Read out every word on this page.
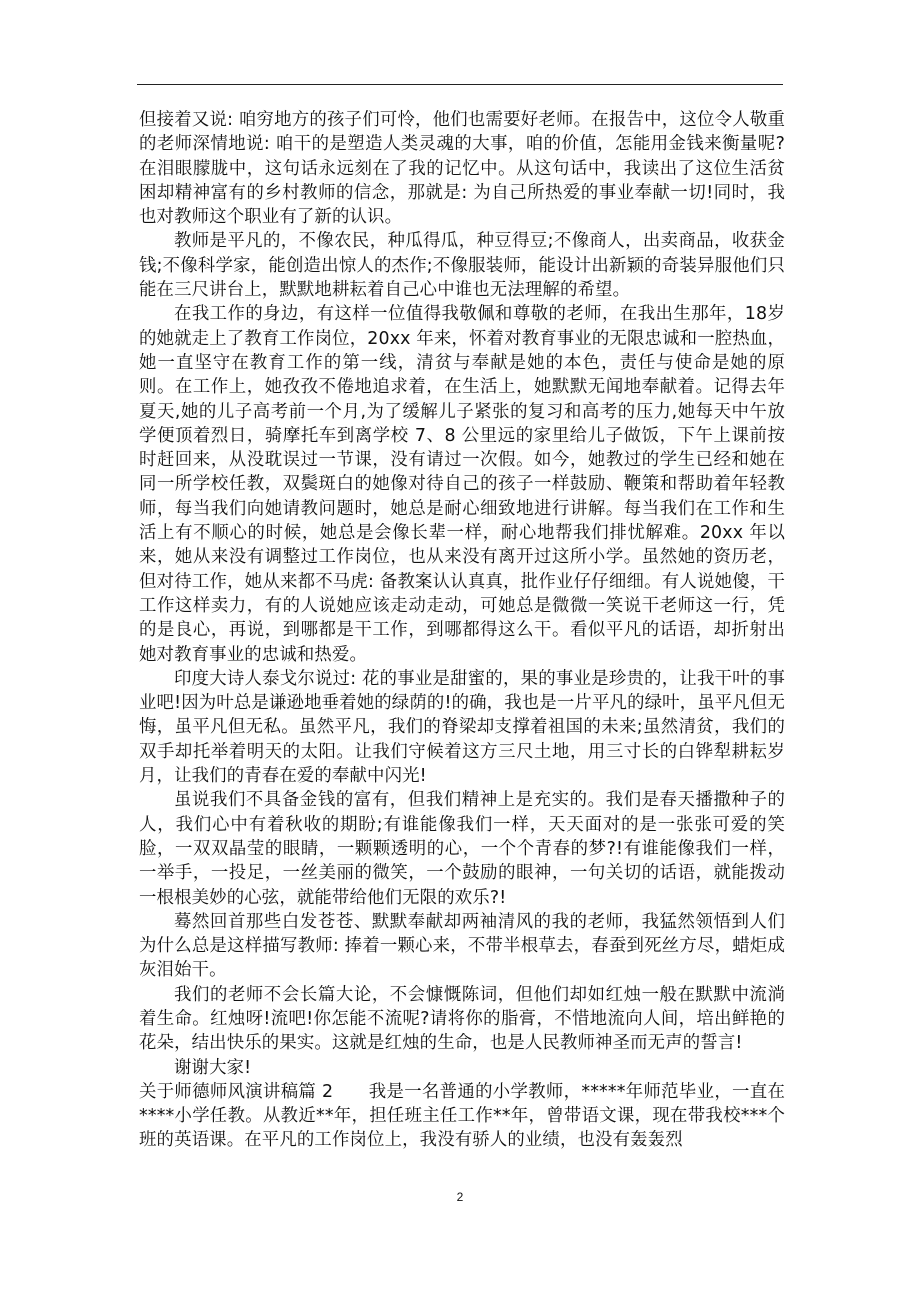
但接着又说: 咱穷地方的孩子们可怜，他们也需要好老师。在报告中，这位令人敬重的老师深情地说: 咱干的是塑造人类灵魂的大事，咱的价值，怎能用金钱来衡量呢?在泪眼朦胧中，这句话永远刻在了我的记忆中。从这句话中，我读出了这位生活贫困却精神富有的乡村教师的信念，那就是: 为自己所热爱的事业奉献一切!同时，我也对教师这个职业有了新的认识。

教师是平凡的，不像农民，种瓜得瓜，种豆得豆;不像商人，出卖商品，收获金钱;不像科学家，能创造出惊人的杰作;不像服装师，能设计出新颖的奇装异服他们只能在三尺讲台上，默默地耕耘着自己心中谁也无法理解的希望。

在我工作的身边，有这样一位值得我敬佩和尊敬的老师，在我出生那年，18岁的她就走上了教育工作岗位，20xx 年来，怀着对教育事业的无限忠诚和一腔热血，她一直坚守在教育工作的第一线，清贫与奉献是她的本色，责任与使命是她的原则。在工作上，她孜孜不倦地追求着，在生活上，她默默无闻地奉献着。记得去年夏天,她的儿子高考前一个月,为了缓解儿子紧张的复习和高考的压力,她每天中午放学便顶着烈日，骑摩托车到离学校 7、8 公里远的家里给儿子做饭，下午上课前按时赶回来，从没耽误过一节课，没有请过一次假。如今，她教过的学生已经和她在同一所学校任教，双鬓斑白的她像对待自己的孩子一样鼓励、鞭策和帮助着年轻教师，每当我们向她请教问题时，她总是耐心细致地进行讲解。每当我们在工作和生活上有不顺心的时候，她总是会像长辈一样，耐心地帮我们排忧解难。20xx 年以来，她从来没有调整过工作岗位，也从来没有离开过这所小学。虽然她的资历老，但对待工作，她从来都不马虎: 备教案认认真真，批作业仔仔细细。有人说她傻，干工作这样卖力，有的人说她应该走动走动，可她总是微微一笑说干老师这一行，凭的是良心，再说，到哪都是干工作，到哪都得这么干。看似平凡的话语，却折射出她对教育事业的忠诚和热爱。

印度大诗人泰戈尔说过: 花的事业是甜蜜的，果的事业是珍贵的，让我干叶的事业吧!因为叶总是谦逊地垂着她的绿荫的!的确，我也是一片平凡的绿叶，虽平凡但无悔，虽平凡但无私。虽然平凡，我们的脊梁却支撑着祖国的未来;虽然清贫，我们的双手却托举着明天的太阳。让我们守候着这方三尺土地，用三寸长的白铧犁耕耘岁月，让我们的青春在爱的奉献中闪光!

虽说我们不具备金钱的富有，但我们精神上是充实的。我们是春天播撒种子的人，我们心中有着秋收的期盼;有谁能像我们一样，天天面对的是一张张可爱的笑脸，一双双晶莹的眼睛，一颗颗透明的心，一个个青春的梦?!有谁能像我们一样，一举手，一投足，一丝美丽的微笑，一个鼓励的眼神，一句关切的话语，就能拨动一根根美妙的心弦，就能带给他们无限的欢乐?!

蓦然回首那些白发苍苍、默默奉献却两袖清风的我的老师，我猛然领悟到人们为什么总是这样描写教师: 捧着一颗心来，不带半根草去，春蚕到死丝方尽，蜡炬成灰泪始干。

我们的老师不会长篇大论，不会慷慨陈词，但他们却如红烛一般在默默中流淌着生命。红烛呀!流吧!你怎能不流呢?请将你的脂膏，不惜地流向人间，培出鲜艳的花朵，结出快乐的果实。这就是红烛的生命，也是人民教师神圣而无声的誓言!

谢谢大家!

关于师德师风演讲稿篇 2　　我是一名普通的小学教师，*****年师范毕业，一直在****小学任教。从教近**年，担任班主任工作**年，曾带语文课，现在带我校***个班的英语课。在平凡的工作岗位上，我没有骄人的业绩，也没有轰轰烈

2
